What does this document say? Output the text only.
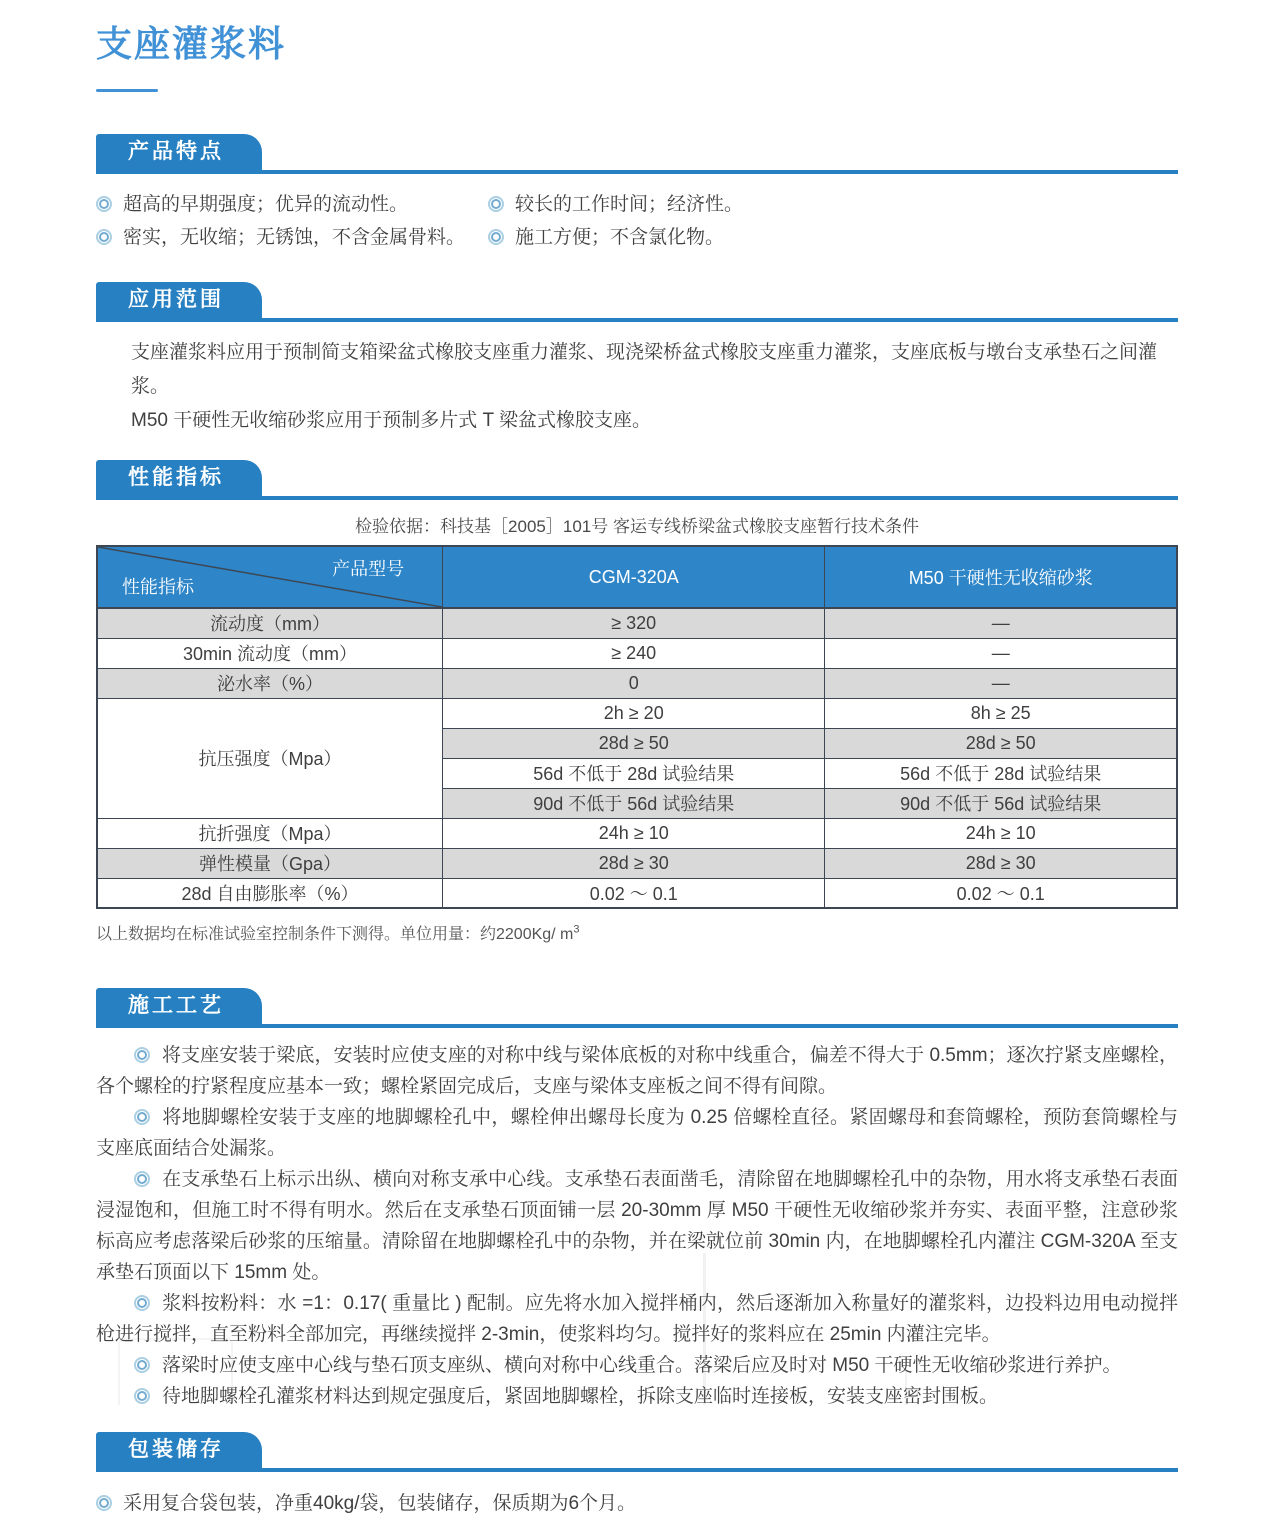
支座灌浆料
产品特点
超高的早期强度；优异的流动性。	较长的工作时间；经济性。
密实，无收缩；无锈蚀，不含金属骨料。	施工方便；不含氯化物。
应用范围

支座灌浆料应用于预制简支箱梁盆式橡胶支座重力灌浆、现浇梁桥盆式橡胶支座重力灌浆，支座底板与墩台支承垫石之间灌浆。

M50 干硬性无收缩砂浆应用于预制多片式 T 梁盆式橡胶支座。

性能指标
检验依据：科技基［2005］101号 客运专线桥梁盆式橡胶支座暂行技术条件
产品型号
性能指标	CGM-320A	M50 干硬性无收缩砂浆
流动度（mm）	≥ 320	—
30min 流动度（mm）	≥ 240	—
泌水率（%）	0	—
抗压强度（Mpa）	2h ≥ 20	8h ≥ 25
	28d ≥ 50	28d ≥ 50
	56d 不低于 28d 试验结果	56d 不低于 28d 试验结果
	90d 不低于 56d 试验结果	90d 不低于 56d 试验结果
抗折强度（Mpa）	24h ≥ 10	24h ≥ 10
弹性模量（Gpa）	28d ≥ 30	28d ≥ 30
28d 自由膨胀率（%）	0.02 ～ 0.1	0.02 ～ 0.1
以上数据均在标准试验室控制条件下测得。单位用量：约2200Kg/ $m^3$
施工工艺

将支座安装于梁底，安装时应使支座的对称中线与梁体底板的对称中线重合，偏差不得大于 0.5mm；逐次拧紧支座螺栓，各个螺栓的拧紧程度应基本一致；螺栓紧固完成后，支座与梁体支座板之间不得有间隙。

将地脚螺栓安装于支座的地脚螺栓孔中，螺栓伸出螺母长度为 0.25 倍螺栓直径。紧固螺母和套筒螺栓，预防套筒螺栓与支座底面结合处漏浆。

在支承垫石上标示出纵、横向对称支承中心线。支承垫石表面凿毛，清除留在地脚螺栓孔中的杂物，用水将支承垫石表面浸湿饱和，但施工时不得有明水。然后在支承垫石顶面铺一层 20-30mm 厚 M50 干硬性无收缩砂浆并夯实、表面平整，注意砂浆标高应考虑落梁后砂浆的压缩量。清除留在地脚螺栓孔中的杂物，并在梁就位前 30min 内，在地脚螺栓孔内灌注 CGM-320A 至支承垫石顶面以下 15mm 处。

浆料按粉料：水 =1：0.17( 重量比 ) 配制。应先将水加入搅拌桶内，然后逐渐加入称量好的灌浆料，边投料边用电动搅拌枪进行搅拌，直至粉料全部加完，再继续搅拌 2-3min，使浆料均匀。搅拌好的浆料应在 25min 内灌注完毕。

落梁时应使支座中心线与垫石顶支座纵、横向对称中心线重合。落梁后应及时对 M50 干硬性无收缩砂浆进行养护。

待地脚螺栓孔灌浆材料达到规定强度后，紧固地脚螺栓，拆除支座临时连接板，安装支座密封围板。

包装储存
采用复合袋包装，净重40kg/袋，包装储存，保质期为6个月。
